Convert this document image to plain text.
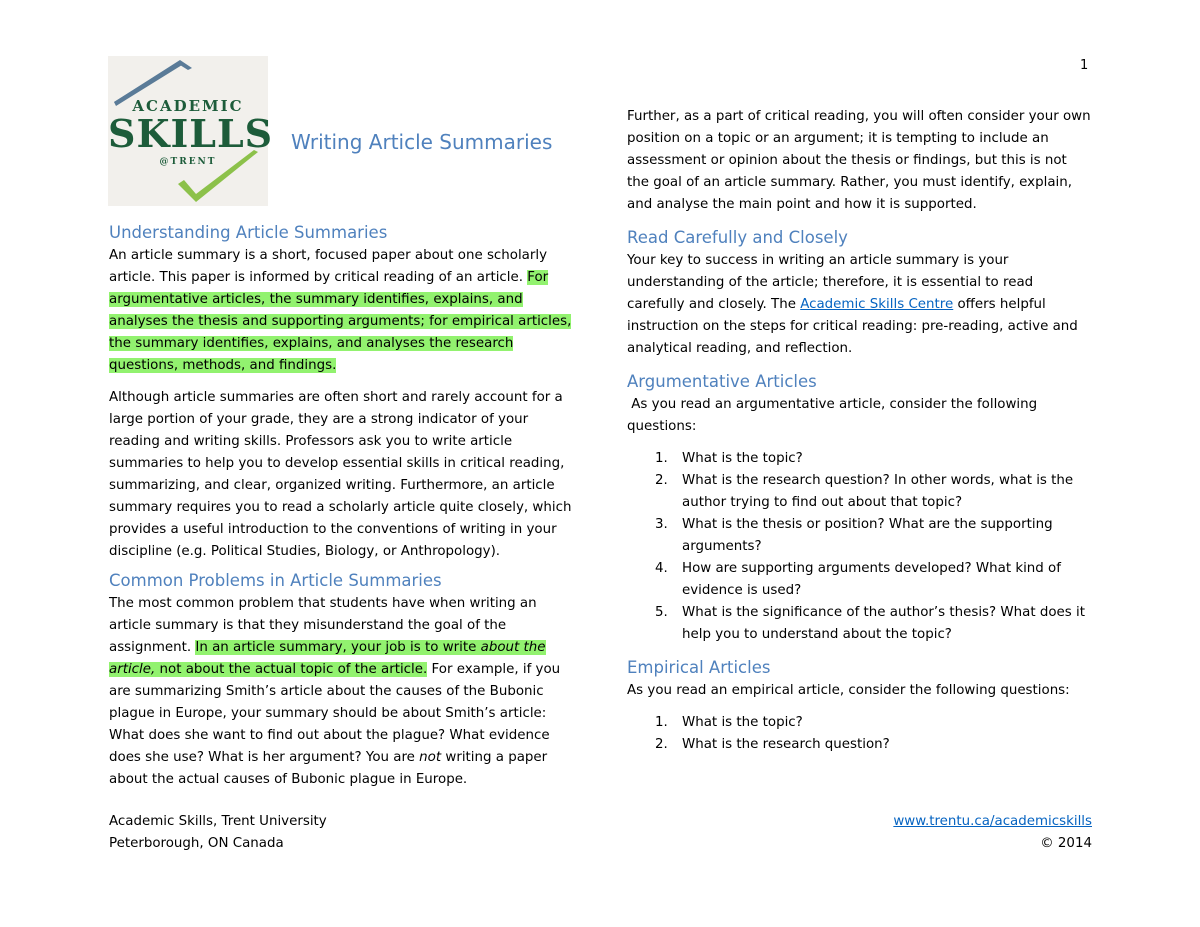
1
ACADEMIC
SKILLS
@TRENT
Writing Article Summaries
Understanding Article Summaries

An article summary is a short, focused paper about one scholarly article. This paper is informed by critical reading of an article. For argumentative articles, the summary identifies, explains, and analyses the thesis and supporting arguments; for empirical articles, the summary identifies, explains, and analyses the research questions, methods, and findings.

Although article summaries are often short and rarely account for a large portion of your grade, they are a strong indicator of your reading and writing skills. Professors ask you to write article summaries to help you to develop essential skills in critical reading, summarizing, and clear, organized writing. Furthermore, an article summary requires you to read a scholarly article quite closely, which provides a useful introduction to the conventions of writing in your discipline (e.g. Political Studies, Biology, or Anthropology).

Common Problems in Article Summaries

The most common problem that students have when writing an article summary is that they misunderstand the goal of the assignment. In an article summary, your job is to write about the article, not about the actual topic of the article. For example, if you are summarizing Smith’s article about the causes of the Bubonic plague in Europe, your summary should be about Smith’s article: What does she want to find out about the plague? What evidence does she use? What is her argument? You are not writing a paper about the actual causes of Bubonic plague in Europe.

Further, as a part of critical reading, you will often consider your own position on a topic or an argument; it is tempting to include an assessment or opinion about the thesis or findings, but this is not the goal of an article summary. Rather, you must identify, explain, and analyse the main point and how it is supported.

Read Carefully and Closely

Your key to success in writing an article summary is your understanding of the article; therefore, it is essential to read carefully and closely. The Academic Skills Centre offers helpful instruction on the steps for critical reading: pre-reading, active and analytical reading, and reflection.

Argumentative Articles

As you read an argumentative article, consider the following questions:

1. What is the topic?
2. What is the research question? In other words, what is the author trying to find out about that topic?
3. What is the thesis or position? What are the supporting arguments?
4. How are supporting arguments developed? What kind of evidence is used?
5. What is the significance of the author’s thesis? What does it help you to understand about the topic?
Empirical Articles

As you read an empirical article, consider the following questions:

1. What is the topic?
2. What is the research question?
Academic Skills, Trent University
Peterborough, ON Canada
www.trentu.ca/academicskills
© 2014
